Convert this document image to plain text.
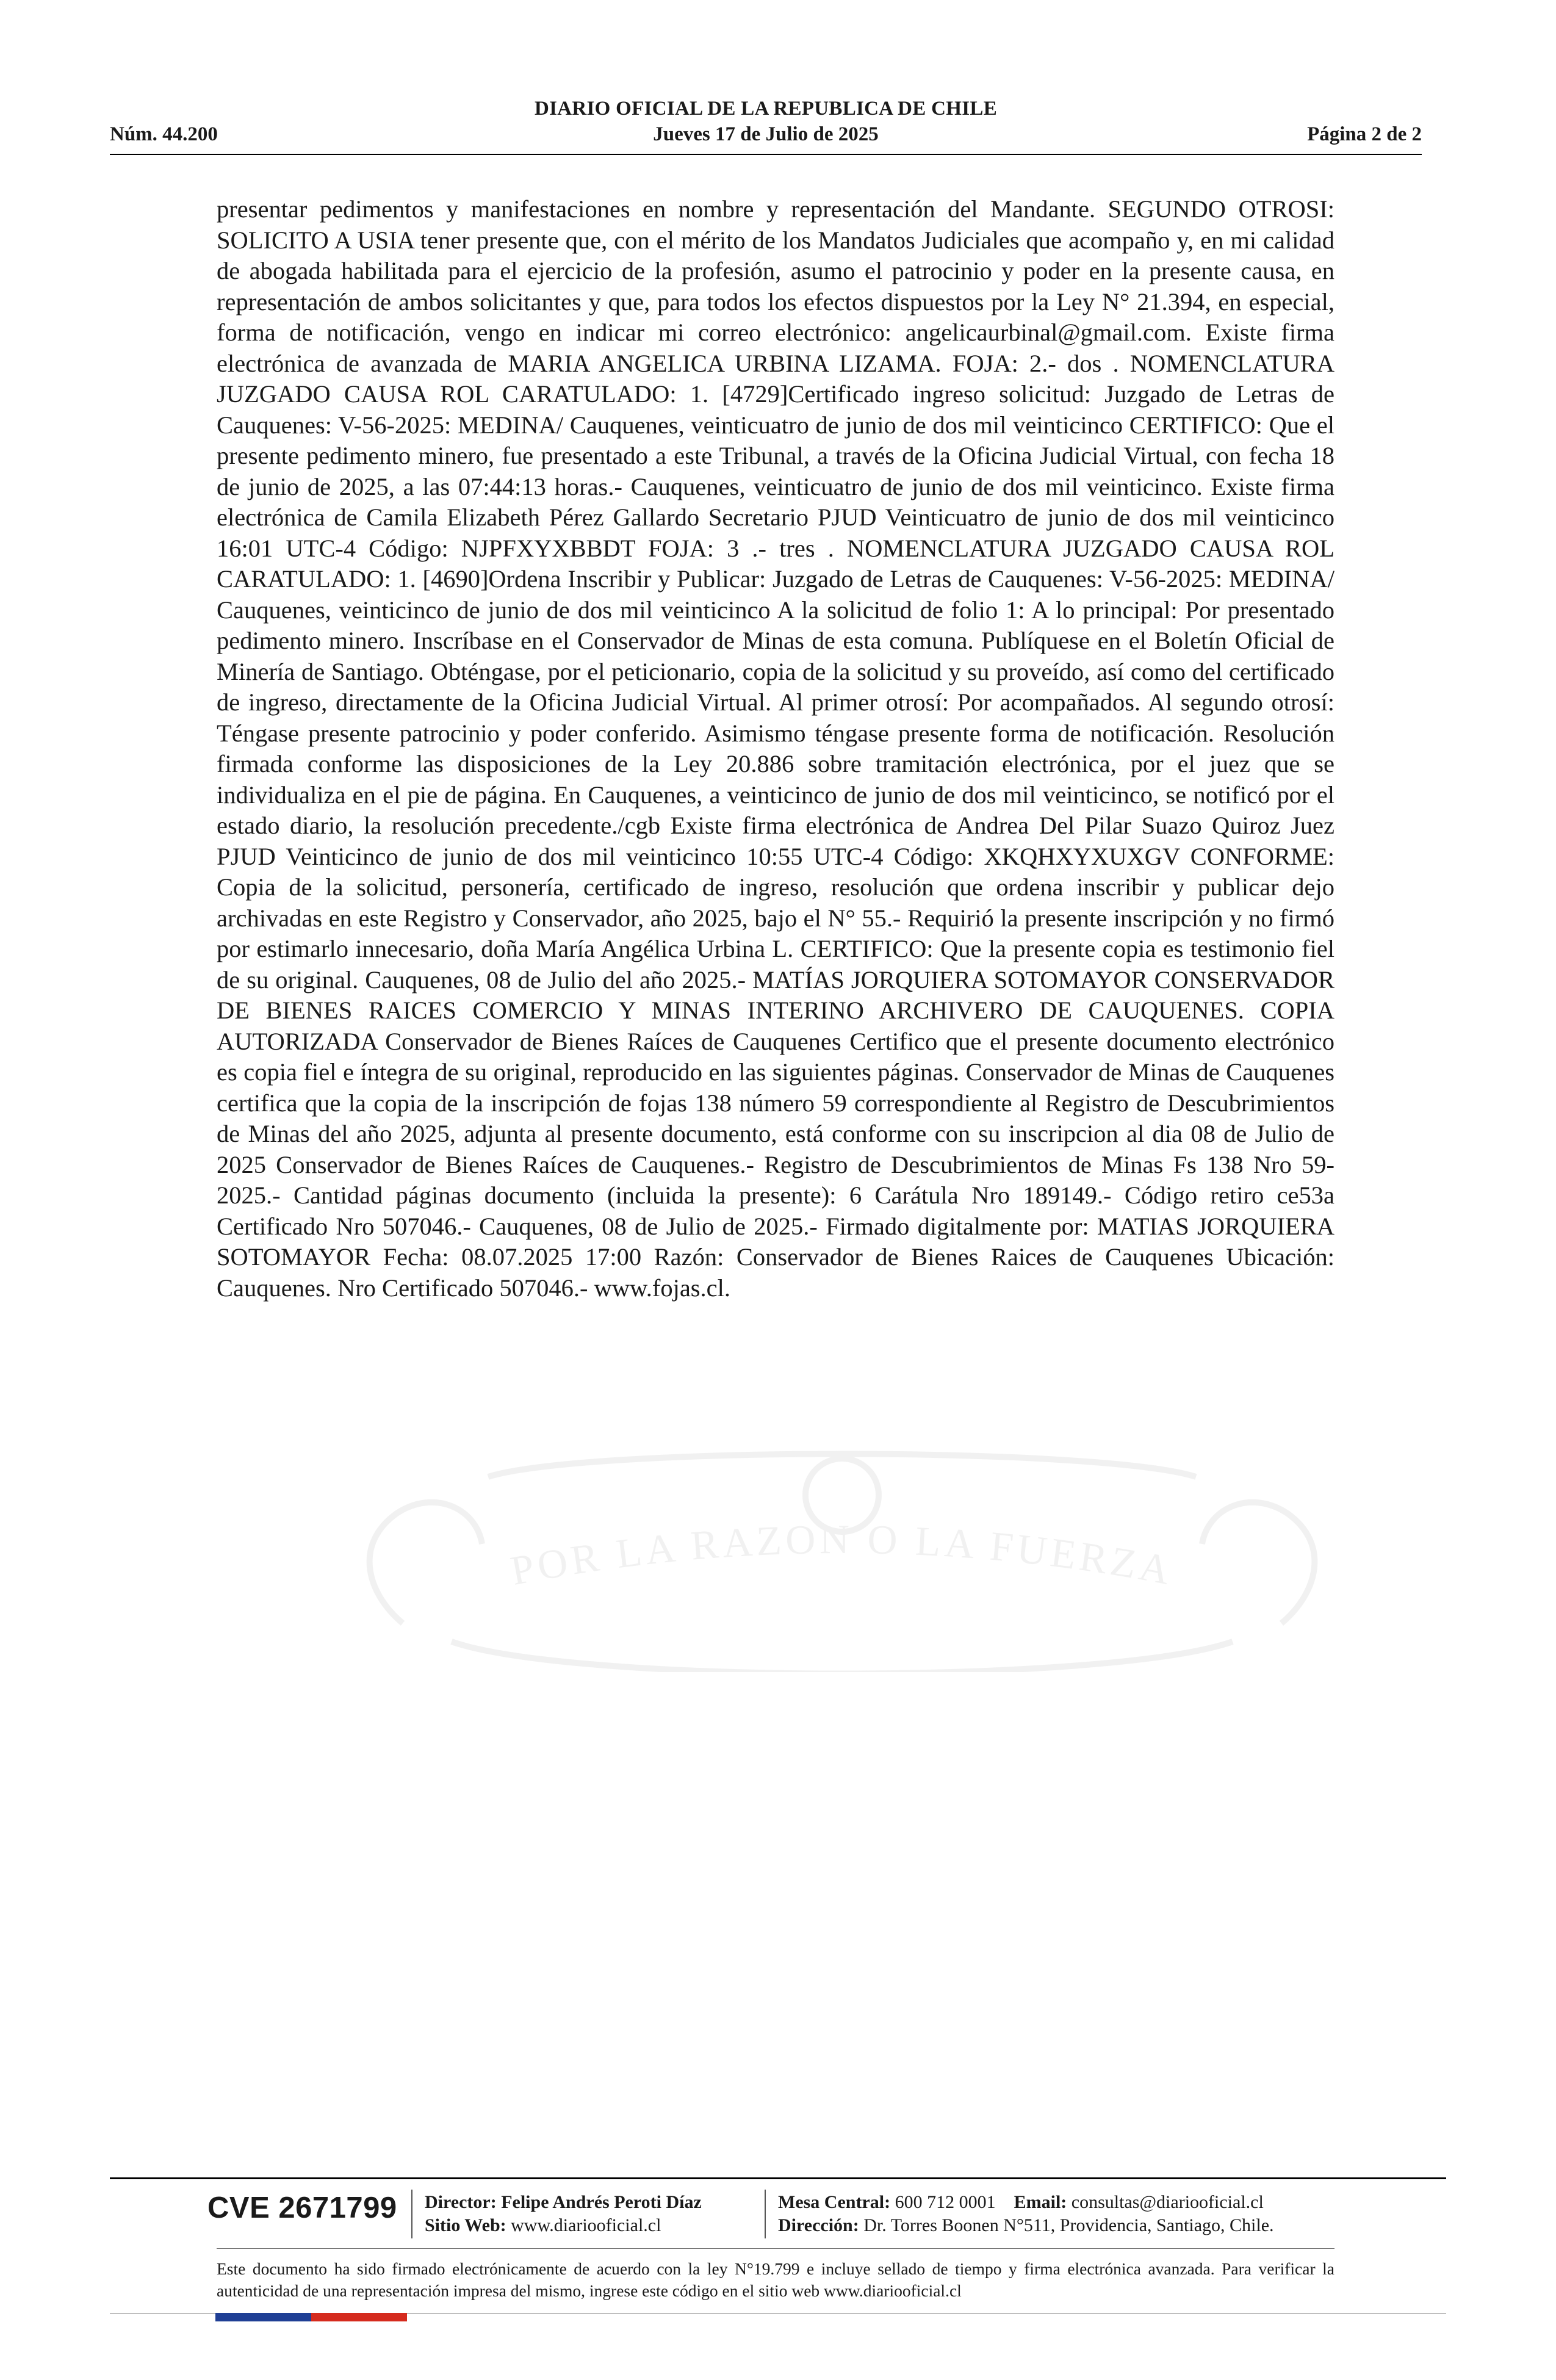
DIARIO OFICIAL DE LA REPUBLICA DE CHILE
Núm. 44.200	Jueves 17 de Julio de 2025	Página 2 de 2
POR LA RAZON O LA FUERZA

presentar pedimentos y manifestaciones en nombre y representación del Mandante. SEGUNDO OTROSI: SOLICITO A USIA tener presente que, con el mérito de los Mandatos Judiciales que acompaño y, en mi calidad de abogada habilitada para el ejercicio de la profesión, asumo el patrocinio y poder en la presente causa, en representación de ambos solicitantes y que, para todos los efectos dispuestos por la Ley N° 21.394, en especial, forma de notificación, vengo en indicar mi correo electrónico: angelicaurbinal@gmail.com. Existe firma electrónica de avanzada de MARIA ANGELICA URBINA LIZAMA. FOJA: 2.- dos . NOMENCLATURA JUZGADO CAUSA ROL CARATULADO: 1. [4729]Certificado ingreso solicitud: Juzgado de Letras de Cauquenes: V-56-2025: MEDINA/ Cauquenes, veinticuatro de junio de dos mil veinticinco CERTIFICO: Que el presente pedimento minero, fue presentado a este Tribunal, a través de la Oficina Judicial Virtual, con fecha 18 de junio de 2025, a las 07:44:13 horas.- Cauquenes, veinticuatro de junio de dos mil veinticinco. Existe firma electrónica de Camila Elizabeth Pérez Gallardo Secretario PJUD Veinticuatro de junio de dos mil veinticinco 16:01 UTC-4 Código: NJPFXYXBBDT FOJA: 3 .- tres . NOMENCLATURA JUZGADO CAUSA ROL CARATULADO: 1. [4690]Ordena Inscribir y Publicar: Juzgado de Letras de Cauquenes: V-56-2025: MEDINA/ Cauquenes, veinticinco de junio de dos mil veinticinco A la solicitud de folio 1: A lo principal: Por presentado pedimento minero. Inscríbase en el Conservador de Minas de esta comuna. Publíquese en el Boletín Oficial de Minería de Santiago. Obténgase, por el peticionario, copia de la solicitud y su proveído, así como del certificado de ingreso, directamente de la Oficina Judicial Virtual. Al primer otrosí: Por acompañados. Al segundo otrosí: Téngase presente patrocinio y poder conferido. Asimismo téngase presente forma de notificación. Resolución firmada conforme las disposiciones de la Ley 20.886 sobre tramitación electrónica, por el juez que se individualiza en el pie de página. En Cauquenes, a veinticinco de junio de dos mil veinticinco, se notificó por el estado diario, la resolución precedente./cgb Existe firma electrónica de Andrea Del Pilar Suazo Quiroz Juez PJUD Veinticinco de junio de dos mil veinticinco 10:55 UTC-4 Código: XKQHXYXUXGV CONFORME: Copia de la solicitud, personería, certificado de ingreso, resolución que ordena inscribir y publicar dejo archivadas en este Registro y Conservador, año 2025, bajo el N° 55.- Requirió la presente inscripción y no firmó por estimarlo innecesario, doña María Angélica Urbina L. CERTIFICO: Que la presente copia es testimonio fiel de su original. Cauquenes, 08 de Julio del año 2025.- MATÍAS JORQUIERA SOTOMAYOR CONSERVADOR DE BIENES RAICES COMERCIO Y MINAS INTERINO ARCHIVERO DE CAUQUENES. COPIA AUTORIZADA Conservador de Bienes Raíces de Cauquenes Certifico que el presente documento electrónico es copia fiel e íntegra de su original, reproducido en las siguientes páginas. Conservador de Minas de Cauquenes certifica que la copia de la inscripción de fojas 138 número 59 correspondiente al Registro de Descubrimientos de Minas del año 2025, adjunta al presente documento, está conforme con su inscripcion al dia 08 de Julio de 2025 Conservador de Bienes Raíces de Cauquenes.- Registro de Descubrimientos de Minas Fs 138 Nro 59-2025.- Cantidad páginas documento (incluida la presente): 6 Carátula Nro 189149.- Código retiro ce53a Certificado Nro 507046.- Cauquenes, 08 de Julio de 2025.- Firmado digitalmente por: MATIAS JORQUIERA SOTOMAYOR Fecha: 08.07.2025 17:00 Razón: Conservador de Bienes Raices de Cauquenes Ubicación: Cauquenes. Nro Certificado 507046.- www.fojas.cl.

CVE 2671799 Director: Felipe Andrés Peroti Díaz
Sitio Web: www.diariooficial.cl
Mesa Central: 600 712 0001 Email: consultas@diariooficial.cl
Dirección: Dr. Torres Boonen N°511, Providencia, Santiago, Chile.
Este documento ha sido firmado electrónicamente de acuerdo con la ley N°19.799 e incluye sellado de tiempo y firma electrónica avanzada. Para verificar la autenticidad de una representación impresa del mismo, ingrese este código en el sitio web www.diariooficial.cl
